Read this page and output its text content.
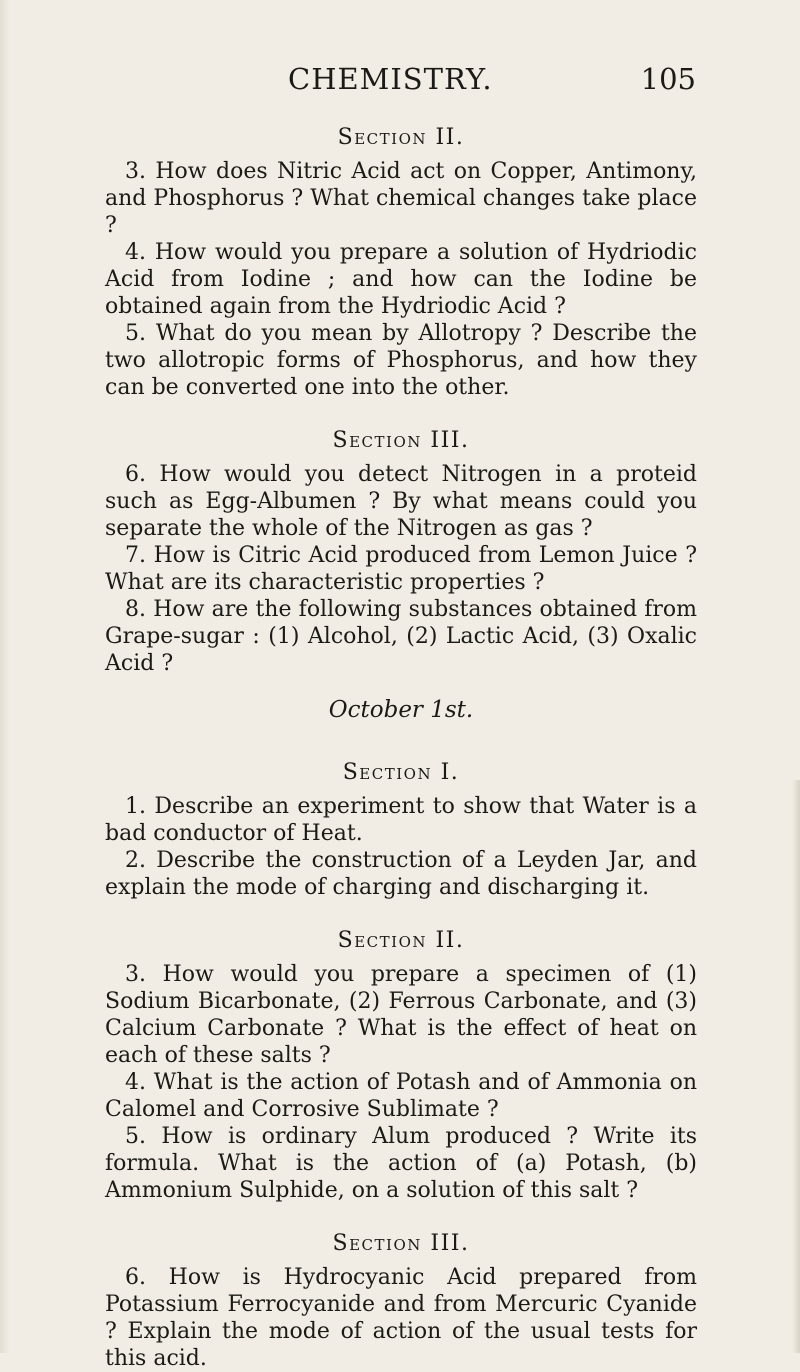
CHEMISTRY.	105
Section II.

3. How does Nitric Acid act on Copper, Antimony, and Phosphorus ? What chemical changes take place ?

4. How would you prepare a solution of Hydriodic Acid from Iodine ; and how can the Iodine be obtained again from the Hydriodic Acid ?

5. What do you mean by Allotropy ? Describe the two allotropic forms of Phosphorus, and how they can be converted one into the other.

Section III.

6. How would you detect Nitrogen in a proteid such as Egg-Albumen ? By what means could you separate the whole of the Nitrogen as gas ?

7. How is Citric Acid produced from Lemon Juice ? What are its characteristic properties ?

8. How are the following substances obtained from Grape-sugar : (1) Alcohol, (2) Lactic Acid, (3) Oxalic Acid ?

October 1st.
Section I.

1. Describe an experiment to show that Water is a bad conductor of Heat.

2. Describe the construction of a Leyden Jar, and explain the mode of charging and discharging it.

Section II.

3. How would you prepare a specimen of (1) Sodium Bicarbonate, (2) Ferrous Carbonate, and (3) Calcium Carbonate ? What is the effect of heat on each of these salts ?

4. What is the action of Potash and of Ammonia on Calomel and Corrosive Sublimate ?

5. How is ordinary Alum produced ? Write its formula. What is the action of (a) Potash, (b) Ammonium Sulphide, on a solution of this salt ?

Section III.

6. How is Hydrocyanic Acid prepared from Potassium Ferrocyanide and from Mercuric Cyanide ? Explain the mode of action of the usual tests for this acid.
